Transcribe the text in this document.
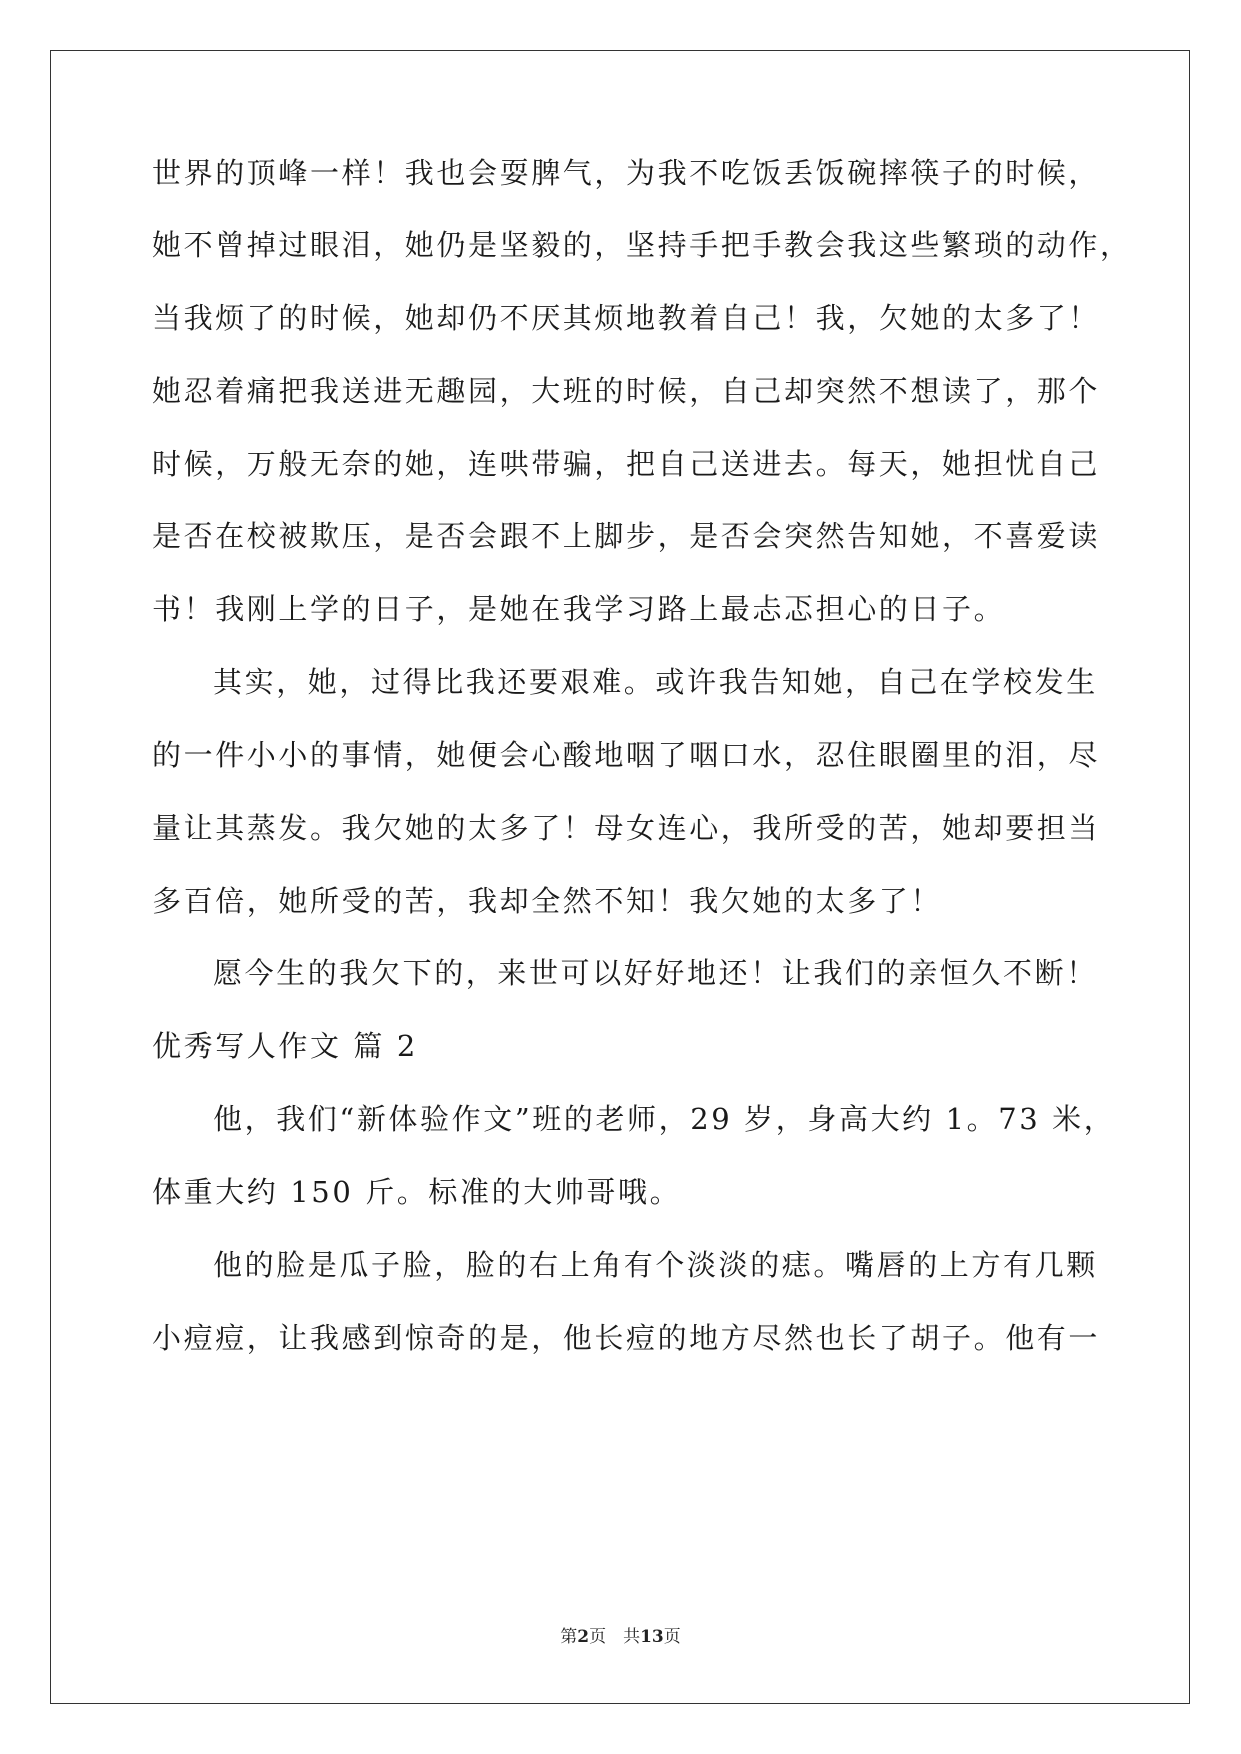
世界的顶峰一样！我也会耍脾气，为我不吃饭丢饭碗摔筷子的时候，
她不曾掉过眼泪，她仍是坚毅的，坚持手把手教会我这些繁琐的动作，
当我烦了的时候，她却仍不厌其烦地教着自己！我，欠她的太多了！
她忍着痛把我送进无趣园，大班的时候，自己却突然不想读了，那个
时候，万般无奈的她，连哄带骗，把自己送进去。每天，她担忧自己
是否在校被欺压，是否会跟不上脚步，是否会突然告知她，不喜爱读
书！我刚上学的日子，是她在我学习路上最忐忑担心的日子。
其实，她，过得比我还要艰难。或许我告知她，自己在学校发生
的一件小小的事情，她便会心酸地咽了咽口水，忍住眼圈里的泪，尽
量让其蒸发。我欠她的太多了！母女连心，我所受的苦，她却要担当
多百倍，她所受的苦，我却全然不知！我欠她的太多了！
愿今生的我欠下的，来世可以好好地还！让我们的亲恒久不断！
优秀写人作文 篇 2
他，我们“新体验作文”班的老师，29 岁，身高大约 1。73 米，
体重大约 150 斤。标准的大帅哥哦。
他的脸是瓜子脸，脸的右上角有个淡淡的痣。嘴唇的上方有几颗
小痘痘，让我感到惊奇的是，他长痘的地方尽然也长了胡子。他有一
第2页　共13页
